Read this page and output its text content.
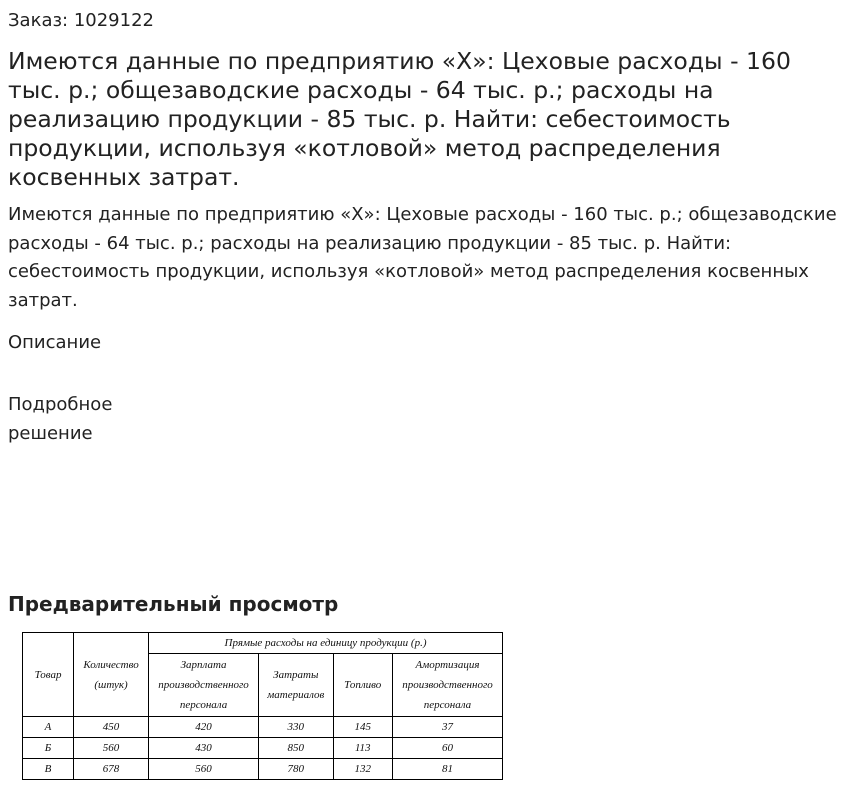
Заказ: 1029122
Имеются данные по предприятию «Х»: Цеховые расходы - 160 тыс. р.; общезаводские расходы - 64 тыс. р.; расходы на реализацию продукции - 85 тыс. р. Найти: себестоимость продукции, используя «котловой» метод распределения косвенных затрат.

Имеются данные по предприятию «Х»: Цеховые расходы - 160 тыс. р.; общезаводские расходы - 64 тыс. р.; расходы на реализацию продукции - 85 тыс. р. Найти: себестоимость продукции, используя «котловой» метод распределения косвенных затрат.

Описание
Подробное решение
Предварительный просмотр
Товар	Количество (штук)	Прямые расходы на единицу продукции (р.)			
		Зарплата производственного персонала	Затраты материалов	Топливо	Амортизация производственного персонала
А	450	420	330	145	37
Б	560	430	850	113	60
В	678	560	780	132	81
